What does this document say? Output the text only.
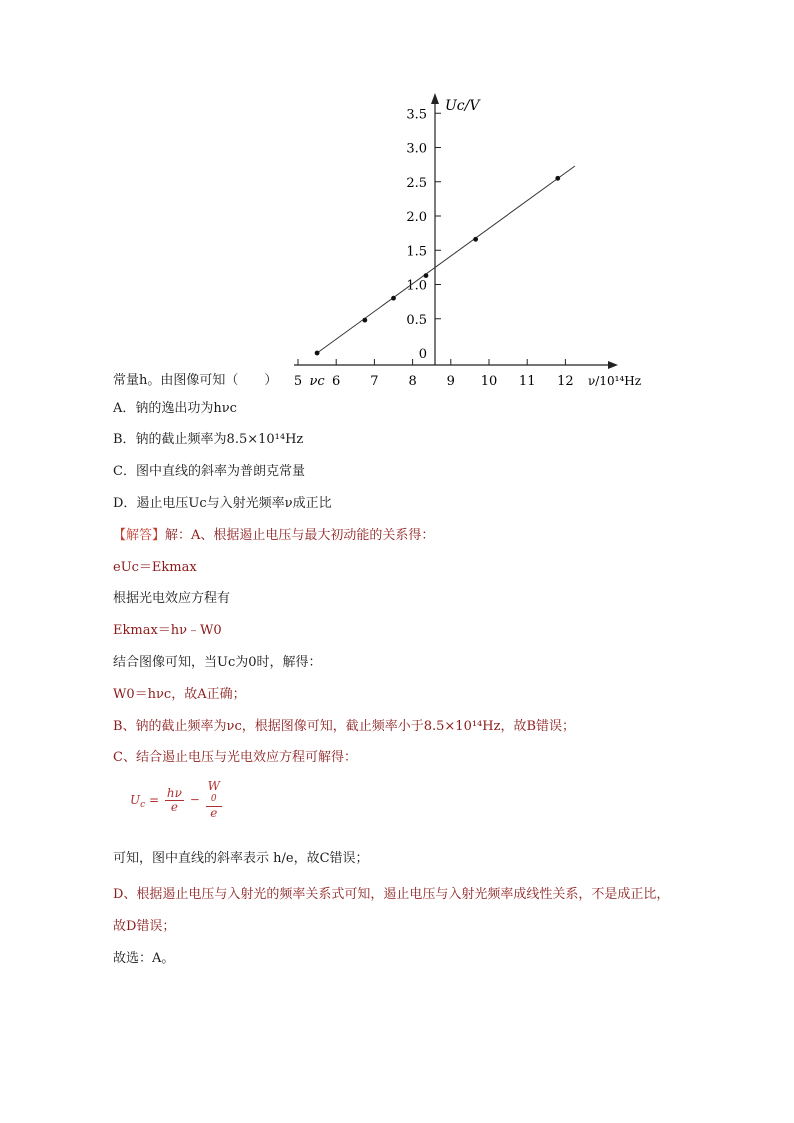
5 6 7 8 9 10 11 12
νc
0
0.5
1.0
1.5
2.0
2.5
3.0
3.5
Uc/V
ν/10¹⁴Hz
常量h。由图像可知（　　）
A．钠的逸出功为hνc
B．钠的截止频率为8.5×10¹⁴Hz
C．图中直线的斜率为普朗克常量
D．遏止电压Uc与入射光频率ν成正比
【解答】解：A、根据遏止电压与最大初动能的关系得：
eUc＝Ekmax
根据光电效应方程有
Ekmax＝hν﹣W0
结合图像可知，当Uc为0时，解得：
W0＝hνc，故A正确；
B、钠的截止频率为νc，根据图像可知，截止频率小于8.5×10¹⁴Hz，故B错误；
C、结合遏止电压与光电效应方程可解得：
$U_c = \frac{h\nu}{e} - W$
0
e
可知，图中直线的斜率表示 h/e，故C错误；
D、根据遏止电压与入射光的频率关系式可知，遏止电压与入射光频率成线性关系，不是成正比，
故D错误；
故选：A。
